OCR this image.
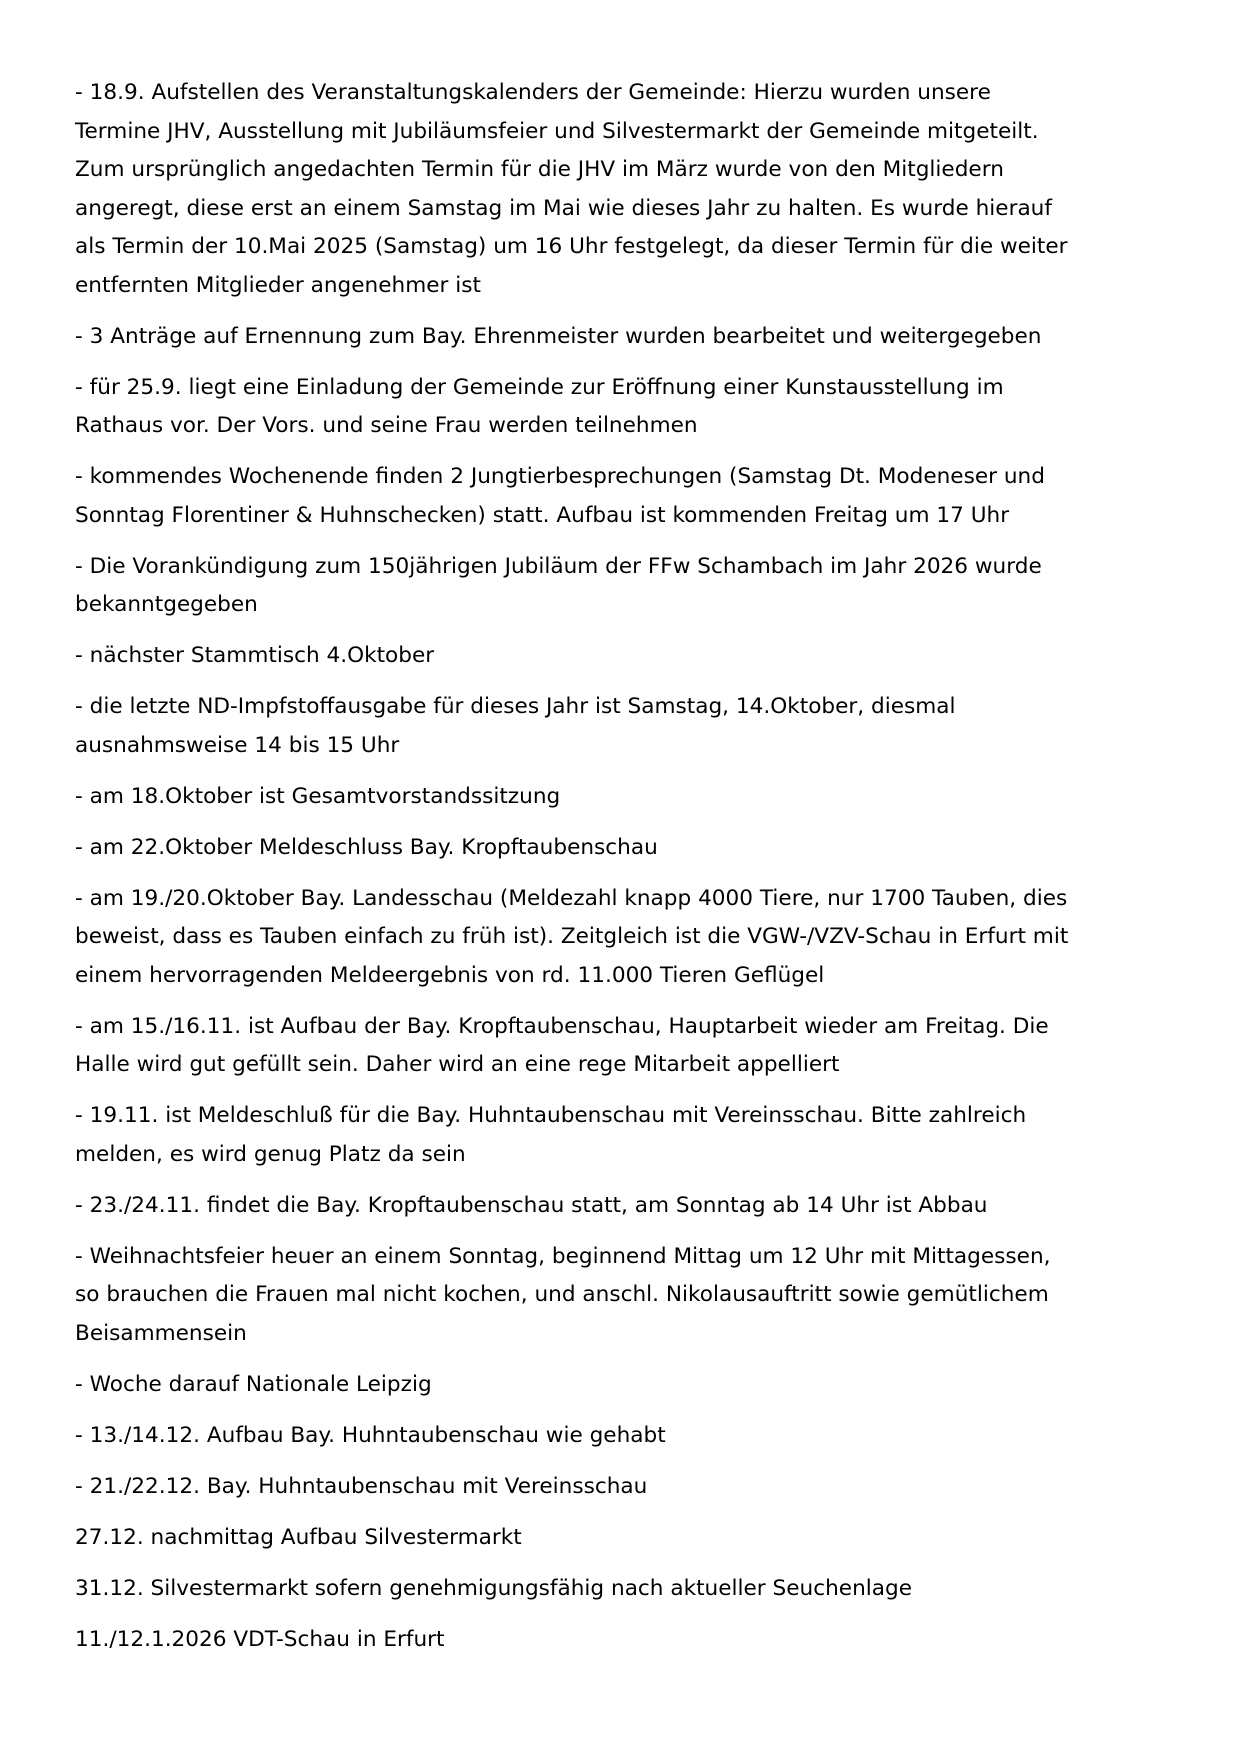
- 18.9. Aufstellen des Veranstaltungskalenders der Gemeinde: Hierzu wurden unsere
Termine JHV, Ausstellung mit Jubiläumsfeier und Silvestermarkt der Gemeinde mitgeteilt.
Zum ursprünglich angedachten Termin für die JHV im März wurde von den Mitgliedern
angeregt, diese erst an einem Samstag im Mai wie dieses Jahr zu halten. Es wurde hierauf
als Termin der 10.Mai 2025 (Samstag) um 16 Uhr festgelegt, da dieser Termin für die weiter
entfernten Mitglieder angenehmer ist

- 3 Anträge auf Ernennung zum Bay. Ehrenmeister wurden bearbeitet und weitergegeben

- für 25.9. liegt eine Einladung der Gemeinde zur Eröffnung einer Kunstausstellung im
Rathaus vor. Der Vors. und seine Frau werden teilnehmen

- kommendes Wochenende finden 2 Jungtierbesprechungen (Samstag Dt. Modeneser und
Sonntag Florentiner & Huhnschecken) statt. Aufbau ist kommenden Freitag um 17 Uhr

- Die Vorankündigung zum 150jährigen Jubiläum der FFw Schambach im Jahr 2026 wurde
bekanntgegeben

- nächster Stammtisch 4.Oktober

- die letzte ND-Impfstoffausgabe für dieses Jahr ist Samstag, 14.Oktober, diesmal
ausnahmsweise 14 bis 15 Uhr

- am 18.Oktober ist Gesamtvorstandssitzung

- am 22.Oktober Meldeschluss Bay. Kropftaubenschau

- am 19./20.Oktober Bay. Landesschau (Meldezahl knapp 4000 Tiere, nur 1700 Tauben, dies
beweist, dass es Tauben einfach zu früh ist). Zeitgleich ist die VGW-/VZV-Schau in Erfurt mit
einem hervorragenden Meldeergebnis von rd. 11.000 Tieren Geflügel

- am 15./16.11. ist Aufbau der Bay. Kropftaubenschau, Hauptarbeit wieder am Freitag. Die
Halle wird gut gefüllt sein. Daher wird an eine rege Mitarbeit appelliert

- 19.11. ist Meldeschluß für die Bay. Huhntaubenschau mit Vereinsschau. Bitte zahlreich
melden, es wird genug Platz da sein

- 23./24.11. findet die Bay. Kropftaubenschau statt, am Sonntag ab 14 Uhr ist Abbau

- Weihnachtsfeier heuer an einem Sonntag, beginnend Mittag um 12 Uhr mit Mittagessen,
so brauchen die Frauen mal nicht kochen, und anschl. Nikolausauftritt sowie gemütlichem
Beisammensein

- Woche darauf Nationale Leipzig

- 13./14.12. Aufbau Bay. Huhntaubenschau wie gehabt

- 21./22.12. Bay. Huhntaubenschau mit Vereinsschau

27.12. nachmittag Aufbau Silvestermarkt

31.12. Silvestermarkt sofern genehmigungsfähig nach aktueller Seuchenlage

11./12.1.2026 VDT-Schau in Erfurt
